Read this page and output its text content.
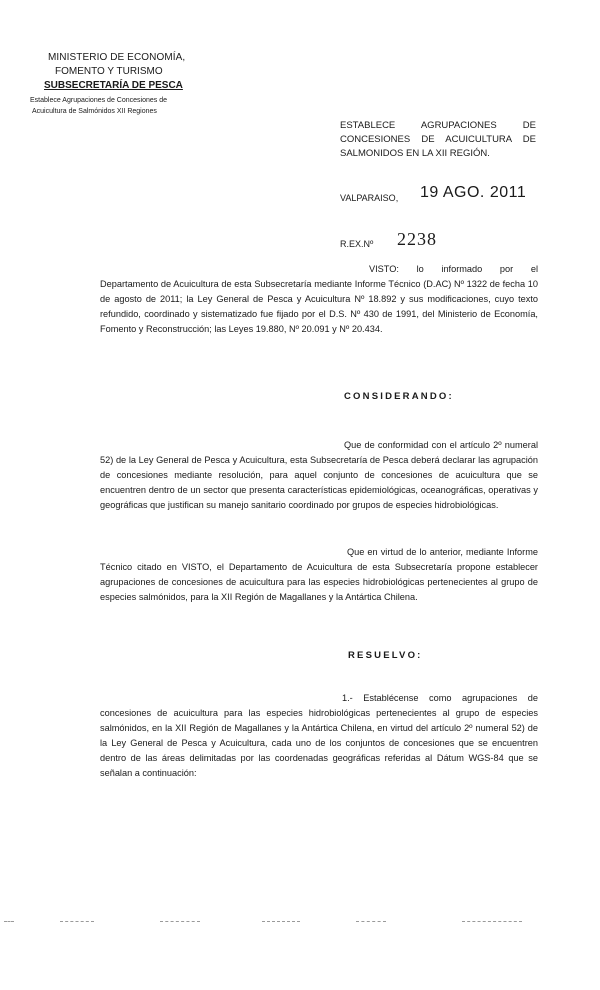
MINISTERIO DE ECONOMÍA,
FOMENTO Y TURISMO
SUBSECRETARÍA DE PESCA
Establece Agrupaciones de Concesiones de
Acuicultura de Salmónidos XII Regiones
ESTABLECE AGRUPACIONES DE
CONCESIONES DE ACUICULTURA DE
SALMONIDOS EN LA XII REGIÓN.
VALPARAISO, 19 AGO. 2011
R.EX.Nº 2238

VISTO: lo informado por el Departamento de Acuicultura de esta Subsecretaría mediante Informe Técnico (D.AC) Nº 1322 de fecha 10 de agosto de 2011; la Ley General de Pesca y Acuicultura Nº 18.892 y sus modificaciones, cuyo texto refundido, coordinado y sistematizado fue fijado por el D.S. Nº 430 de 1991, del Ministerio de Economía, Fomento y Reconstrucción; las Leyes 19.880, Nº 20.091 y Nº 20.434.

CONSIDERANDO:

Que de conformidad con el artículo 2º numeral 52) de la Ley General de Pesca y Acuicultura, esta Subsecretaría de Pesca deberá declarar las agrupación de concesiones mediante resolución, para aquel conjunto de concesiones de acuicultura que se encuentren dentro de un sector que presenta características epidemiológicas, oceanográficas, operativas y geográficas que justifican su manejo sanitario coordinado por grupos de especies hidrobiológicas.

Que en virtud de lo anterior, mediante Informe Técnico citado en VISTO, el Departamento de Acuicultura de esta Subsecretaría propone establecer agrupaciones de concesiones de acuicultura para las especies hidrobiológicas pertenecientes al grupo de especies salmónidos, para la XII Región de Magallanes y la Antártica Chilena.

RESUELVO:

1.- Establécense como agrupaciones de concesiones de acuicultura para las especies hidrobiológicas pertenecientes al grupo de especies salmónidos, en la XII Región de Magallanes y la Antártica Chilena, en virtud del artículo 2º numeral 52) de la Ley General de Pesca y Acuicultura, cada uno de los conjuntos de concesiones que se encuentren dentro de las áreas delimitadas por las coordenadas geográficas referidas al Dátum WGS-84 que se señalan a continuación:
